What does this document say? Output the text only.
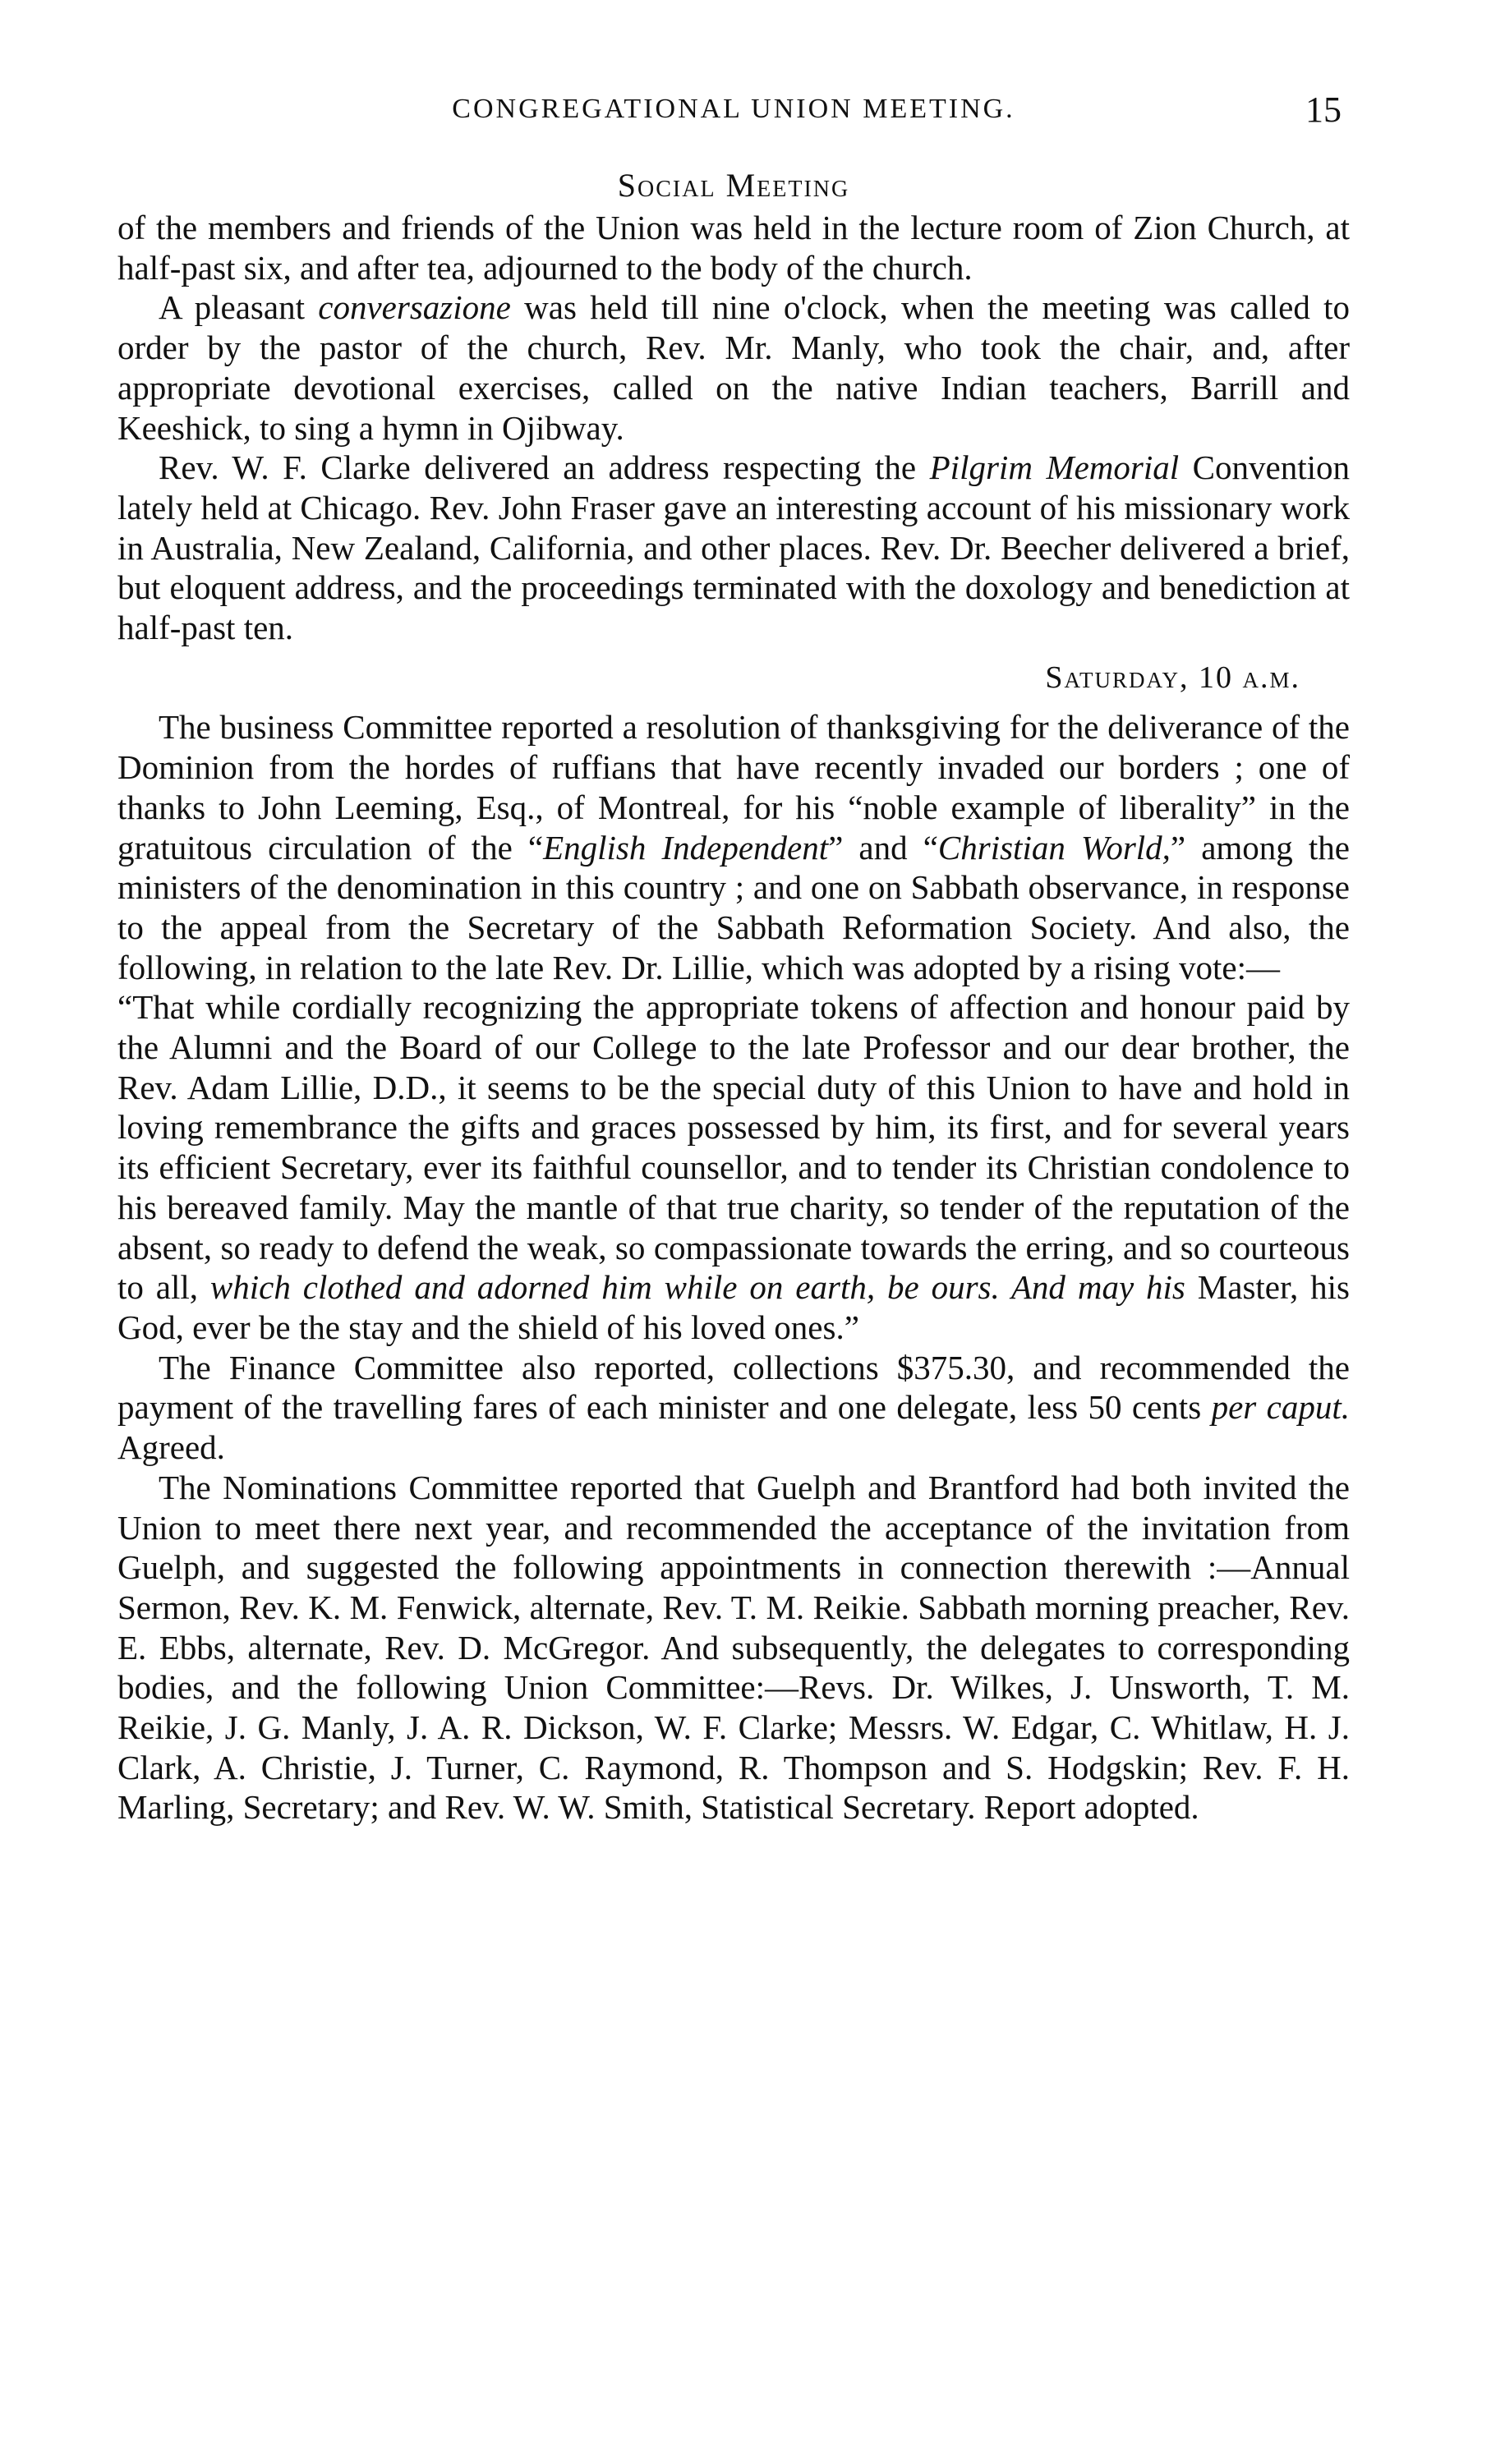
CONGREGATIONAL UNION MEETING.	15
Social Meeting

of the members and friends of the Union was held in the lecture room of Zion Church, at half-past six, and after tea, adjourned to the body of the church.

A pleasant conversazione was held till nine o'clock, when the meeting was called to order by the pastor of the church, Rev. Mr. Manly, who took the chair, and, after appropriate devotional exercises, called on the native Indian teachers, Barrill and Keeshick, to sing a hymn in Ojibway.

Rev. W. F. Clarke delivered an address respecting the Pilgrim Memorial Convention lately held at Chicago. Rev. John Fraser gave an interesting account of his missionary work in Australia, New Zealand, California, and other places. Rev. Dr. Beecher delivered a brief, but eloquent address, and the proceedings terminated with the doxology and benediction at half-past ten.

Saturday, 10 a.m.

The business Committee reported a resolution of thanksgiving for the deliverance of the Dominion from the hordes of ruffians that have recently invaded our borders ; one of thanks to John Leeming, Esq., of Montreal, for his “noble example of liberality” in the gratuitous circulation of the “English Independent” and “Christian World,” among the ministers of the denomination in this country ; and one on Sabbath observance, in response to the appeal from the Secretary of the Sabbath Reformation Society. And also, the following, in relation to the late Rev. Dr. Lillie, which was adopted by a rising vote:—

“That while cordially recognizing the appropriate tokens of affection and honour paid by the Alumni and the Board of our College to the late Professor and our dear brother, the Rev. Adam Lillie, D.D., it seems to be the special duty of this Union to have and hold in loving remembrance the gifts and graces possessed by him, its first, and for several years its efficient Secretary, ever its faithful counsellor, and to tender its Christian condolence to his bereaved family. May the mantle of that true charity, so tender of the reputation of the absent, so ready to defend the weak, so compassionate towards the erring, and so courteous to all, which clothed and adorned him while on earth, be ours. And may his Master, his God, ever be the stay and the shield of his loved ones.”

The Finance Committee also reported, collections $375.30, and recommended the payment of the travelling fares of each minister and one delegate, less 50 cents per caput. Agreed.

The Nominations Committee reported that Guelph and Brantford had both invited the Union to meet there next year, and recommended the acceptance of the invitation from Guelph, and suggested the following appointments in connection therewith :—Annual Sermon, Rev. K. M. Fenwick, alternate, Rev. T. M. Reikie. Sabbath morning preacher, Rev. E. Ebbs, alternate, Rev. D. McGregor. And subsequently, the delegates to corresponding bodies, and the following Union Committee:—Revs. Dr. Wilkes, J. Unsworth, T. M. Reikie, J. G. Manly, J. A. R. Dickson, W. F. Clarke; Messrs. W. Edgar, C. Whitlaw, H. J. Clark, A. Christie, J. Turner, C. Raymond, R. Thompson and S. Hodgskin; Rev. F. H. Marling, Secretary; and Rev. W. W. Smith, Statistical Secretary. Report adopted.
